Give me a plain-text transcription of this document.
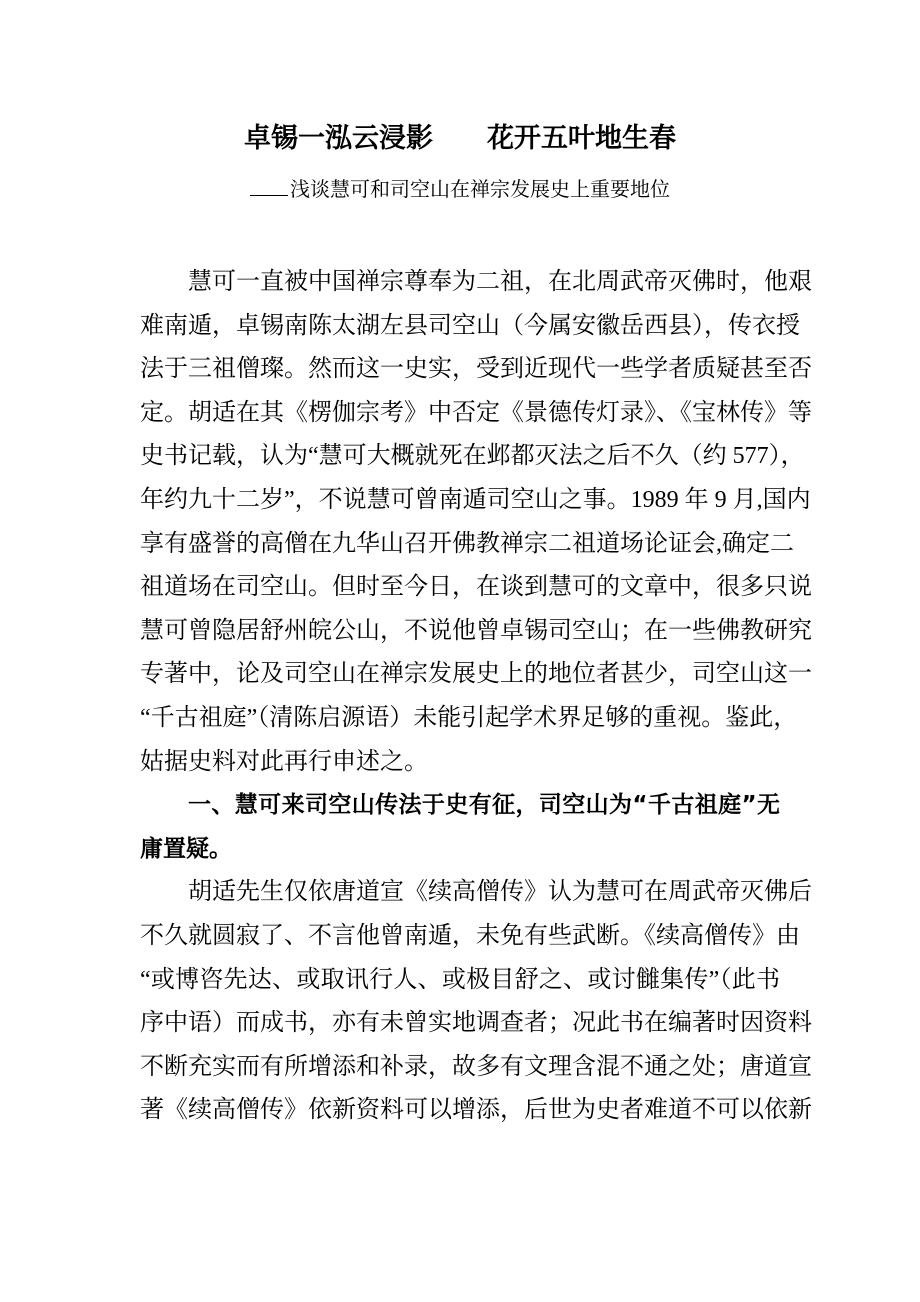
卓锡一泓云浸影　　花开五叶地生春
浅谈慧可和司空山在禅宗发展史上重要地位
慧可一直被中国禅宗尊奉为二祖，在北周武帝灭佛时，他艰
难南遁，卓锡南陈太湖左县司空山（今属安徽岳西县），传衣授
法于三祖僧璨。然而这一史实，受到近现代一些学者质疑甚至否
定。胡适在其《楞伽宗考》中否定《景德传灯录》、《宝林传》等
史书记载，认为“慧可大概就死在邺都灭法之后不久（约 577），
年约九十二岁”，不说慧可曾南遁司空山之事。1989 年 9 月,国内
享有盛誉的高僧在九华山召开佛教禅宗二祖道场论证会,确定二
祖道场在司空山。但时至今日，在谈到慧可的文章中，很多只说
慧可曾隐居舒州皖公山，不说他曾卓锡司空山；在一些佛教研究
专著中，论及司空山在禅宗发展史上的地位者甚少，司空山这一
“千古祖庭”（清陈启源语）未能引起学术界足够的重视。鉴此，
姑据史料对此再行申述之。
一、慧可来司空山传法于史有征，司空山为“千古祖庭”无
庸置疑。
胡适先生仅依唐道宣《续高僧传》认为慧可在周武帝灭佛后
不久就圆寂了、不言他曾南遁，未免有些武断。《续高僧传》由
“或博咨先达、或取讯行人、或极目舒之、或讨雠集传”（此书
序中语）而成书，亦有未曾实地调查者；况此书在编著时因资料
不断充实而有所增添和补录，故多有文理含混不通之处；唐道宣
著《续高僧传》依新资料可以增添，后世为史者难道不可以依新
